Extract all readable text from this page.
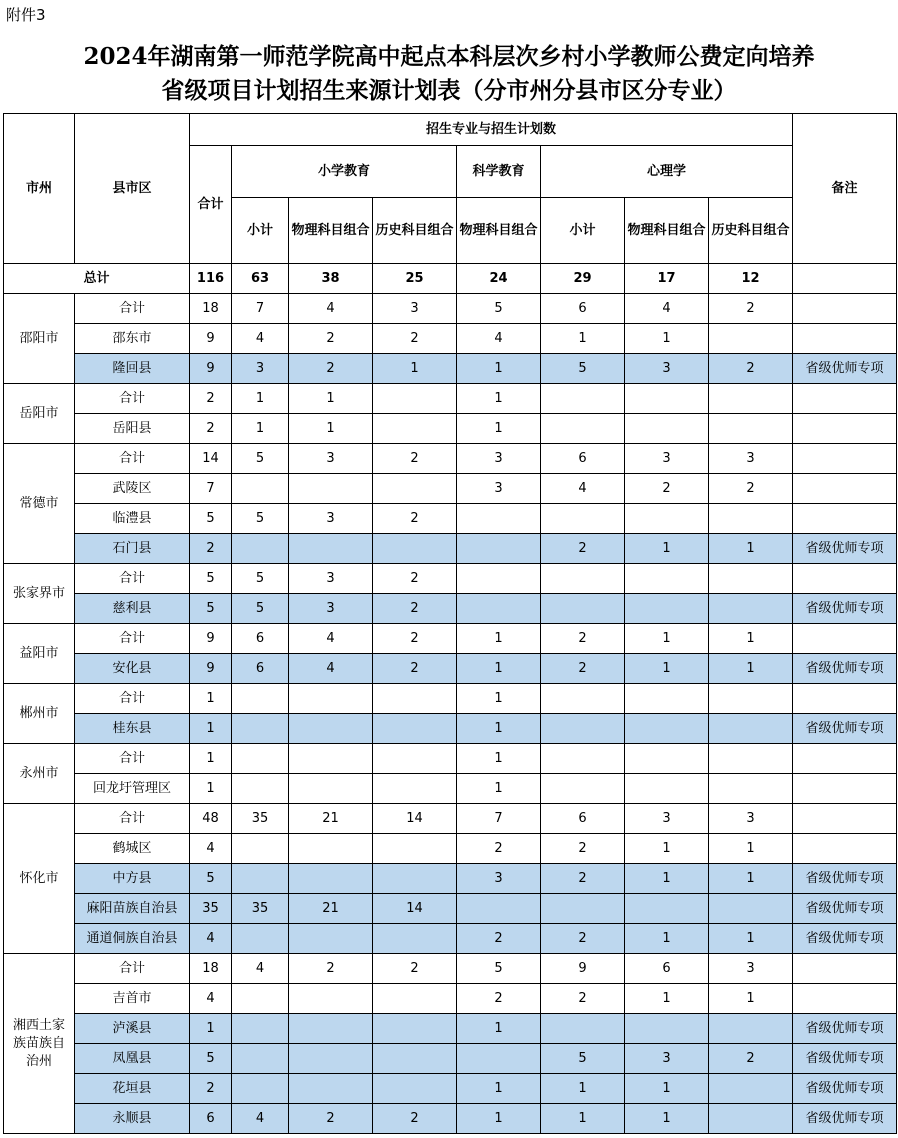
附件3
2024年湖南第一师范学院高中起点本科层次乡村小学教师公费定向培养
省级项目计划招生来源计划表（分市州分县市区分专业）
市州	县市区	招生专业与招生计划数								备注
		合计	小学教育			科学教育	心理学			
			小计	物理科目组合	历史科目组合	物理科目组合	小计	物理科目组合	历史科目组合	
总计		116	63	38	25	24	29	17	12	
邵阳市	合计	18	7	4	3	5	6	4	2	
	邵东市	9	4	2	2	4	1	1		
	隆回县	9	3	2	1	1	5	3	2	省级优师专项
岳阳市	合计	2	1	1		1				
	岳阳县	2	1	1		1				
常德市	合计	14	5	3	2	3	6	3	3	
	武陵区	7				3	4	2	2	
	临澧县	5	5	3	2					
	石门县	2					2	1	1	省级优师专项
张家界市	合计	5	5	3	2					
	慈利县	5	5	3	2					省级优师专项
益阳市	合计	9	6	4	2	1	2	1	1	
	安化县	9	6	4	2	1	2	1	1	省级优师专项
郴州市	合计	1				1				
	桂东县	1				1				省级优师专项
永州市	合计	1				1				
	回龙圩管理区	1				1				
怀化市	合计	48	35	21	14	7	6	3	3	
	鹤城区	4				2	2	1	1	
	中方县	5				3	2	1	1	省级优师专项
	麻阳苗族自治县	35	35	21	14					省级优师专项
	通道侗族自治县	4				2	2	1	1	省级优师专项
湘西土家族苗族自治州	合计	18	4	2	2	5	9	6	3	
	吉首市	4				2	2	1	1	
	泸溪县	1				1				省级优师专项
	凤凰县	5					5	3	2	省级优师专项
	花垣县	2				1	1	1		省级优师专项
	永顺县	6	4	2	2	1	1	1		省级优师专项
